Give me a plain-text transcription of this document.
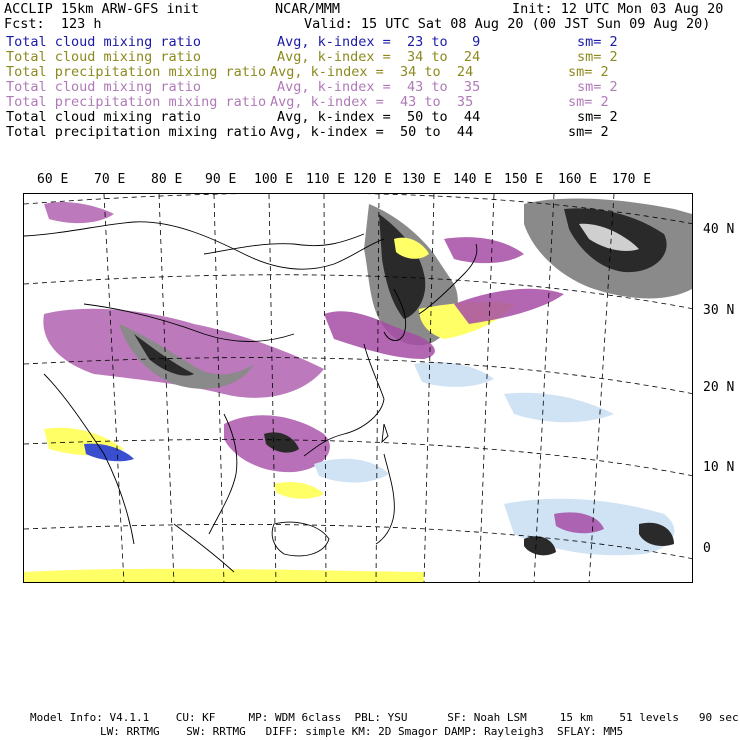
ACCLIP 15km ARW-GFS init	NCAR/MMM	Init: 12 UTC Mon 03 Aug 20
Fcst:  123 h	Valid: 15 UTC Sat 08 Aug 20 (00 JST Sun 09 Aug 20)
Total cloud mixing ratio	Avg, k-index =  23 to   9	sm= 2
Total cloud mixing ratio	Avg, k-index =  34 to  24	sm= 2
Total precipitation mixing ratio Avg, k-index =  34 to  24	sm= 2
Total cloud mixing ratio	Avg, k-index =  43 to  35	sm= 2
Total precipitation mixing ratio Avg, k-index =  43 to  35	sm= 2
Total cloud mixing ratio	Avg, k-index =  50 to  44	sm= 2
Total precipitation mixing ratio Avg, k-index =  50 to  44	sm= 2
60 E 70 E 80 E 90 E 100 E 110 E 120 E 130 E 140 E 150 E 160 E 170 E
40 N
30 N
20 N
10 N
0
Model Info: V4.1.1    CU: KF     MP: WDM 6class  PBL: YSU      SF: Noah LSM     15 km    51 levels   90 sec
LW: RRTMG    SW: RRTMG   DIFF: simple KM: 2D Smagor DAMP: Rayleigh3  SFLAY: MM5
